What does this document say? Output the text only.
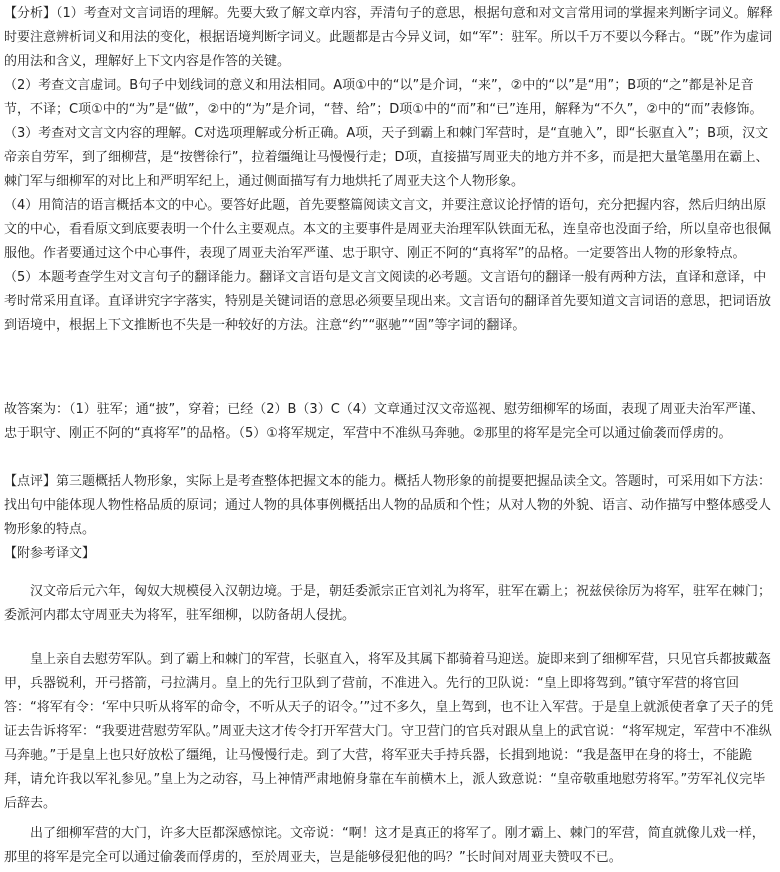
​
​

【分析】（1）考查对文言词语的理解。先要大致了解文章内容，弄清句子的意思，根据句意和对文言常用词的掌握来判断字词义。解释时要注意辨析词义和用法的变化，根据语境判断字词义。此题都是古今异义词，如“军”：驻军。所以千万不要以今释古。“既”作为虚词的用法和含义，理解好上下文内容是作答的关键。

（2）考查文言虚词。B句子中划线词的意义和用法相同。A项①中的“以”是介词，“来”，②中的“以”是“用”；B项的“之”都是补足音节，不译；C项①中的“为”是“做”，②中的“为”是介词，“替、给”；D项①中的“而”和“已”连用，解释为“不久”，②中的“而”表修饰。

（3）考查对文言文内容的理解。C对选项理解或分析正确。A项，天子到霸上和棘门军营时，是“直驰入”，即“长驱直入”；B项，汉文帝亲自劳军，到了细柳营，是“按辔徐行”，拉着缰绳让马慢慢行走；D项，直接描写周亚夫的地方并不多，而是把大量笔墨用在霸上、棘门军与细柳军的对比上和严明军纪上，通过侧面描写有力地烘托了周亚夫这个人物形象。

（4）用简洁的语言概括本文的中心。要答好此题，首先要整篇阅读文言文，并要注意议论抒情的语句，充分把握内容，然后归纳出原文的中心，看看原文到底要表明一个什么主要观点。本文的主要事件是周亚夫治理军队铁面无私，连皇帝也没面子给，所以皇帝也很佩服他。作者要通过这个中心事件，表现了周亚夫治军严谨、忠于职守、刚正不阿的“真将军”的品格。一定要答出人物的形象特点。

（5）本题考查学生对文言句子的翻译能力。翻译文言语句是文言文阅读的必考题。文言语句的翻译一般有两种方法，直译和意译，中考时常采用直译。直译讲究字字落实，特别是关键词语的意思必须要呈现出来。文言语句的翻译首先要知道文言词语的意思，把词语放到语境中，根据上下文推断也不失是一种较好的方法。注意“约”“驱驰”“固”等字词的翻译。

故答案为：（1）驻军；通“披”，穿着；已经（2）B（3）C（4）文章通过汉文帝巡视、慰劳细柳军的场面，表现了周亚夫治军严谨、忠于职守、刚正不阿的“真将军”的品格。（5）①将军规定，军营中不准纵马奔驰。②那里的将军是完全可以通过偷袭而俘虏的。

【点评】第三题概括人物形象，实际上是考查整体把握文本的能力。概括人物形象的前提要把握品读全文。答题时，可采用如下方法：找出句中能体现人物性格品质的原词；通过人物的具体事例概括出人物的品质和个性；从对人物的外貌、语言、动作描写中整体感受人物形象的特点。

【附参考译文】

汉文帝后元六年，匈奴大规模侵入汉朝边境。于是，朝廷委派宗正官刘礼为将军，驻军在霸上；祝兹侯徐厉为将军，驻军在棘门；委派河内郡太守周亚夫为将军，驻军细柳，以防备胡人侵扰。

皇上亲自去慰劳军队。到了霸上和棘门的军营，长驱直入，将军及其属下都骑着马迎送。旋即来到了细柳军营，只见官兵都披戴盔甲，兵器锐利，开弓搭箭，弓拉满月。皇上的先行卫队到了营前，不准进入。先行的卫队说：“皇上即将驾到。”镇守军营的将官回答：“将军有令：‘军中只听从将军的命令，不听从天子的诏令。’”过不多久，皇上驾到，也不让入军营。于是皇上就派使者拿了天子的凭证去告诉将军：“我要进营慰劳军队。”周亚夫这才传令打开军营大门。守卫营门的官兵对跟从皇上的武官说：“将军规定，军营中不准纵马奔驰。”于是皇上也只好放松了缰绳，让马慢慢行走。到了大营，将军亚夫手持兵器，长揖到地说：“我是盔甲在身的将士，不能跪拜，请允许我以军礼参见。”皇上为之动容，马上神情严肃地俯身靠在车前横木上，派人致意说：“皇帝敬重地慰劳将军。”劳军礼仪完毕后辞去。

出了细柳军营的大门，许多大臣都深感惊诧。文帝说：“啊！这才是真正的将军了。刚才霸上、棘门的军营，简直就像儿戏一样，那里的将军是完全可以通过偷袭而俘虏的，至於周亚夫，岂是能够侵犯他的吗？”长时间对周亚夫赞叹不已。
